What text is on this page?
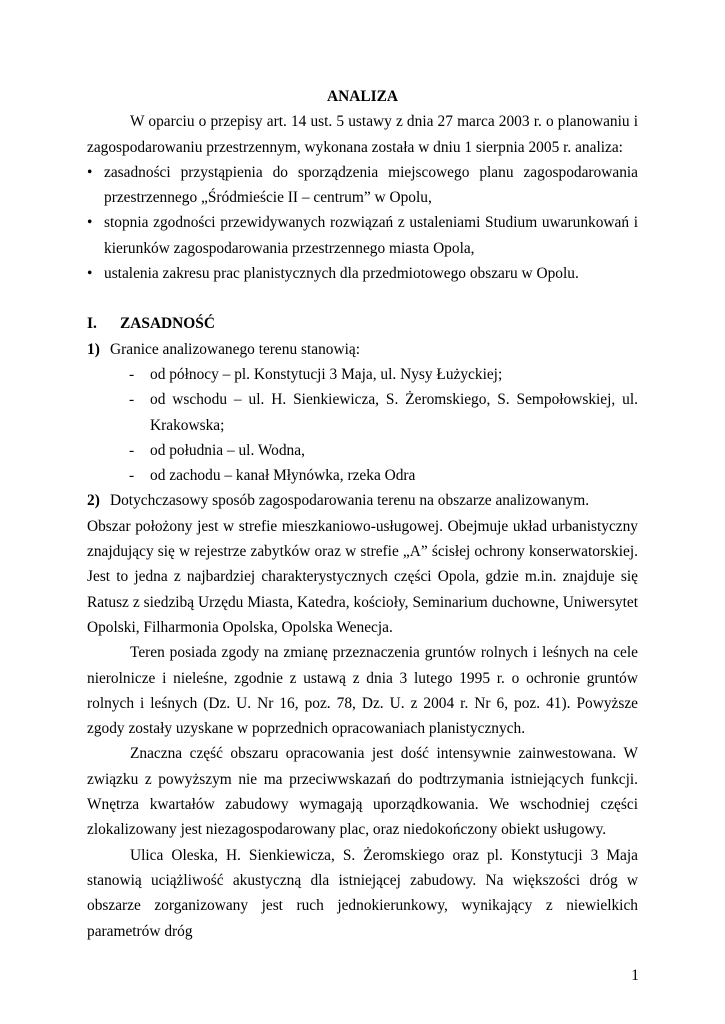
ANALIZA

W oparciu o przepisy art. 14 ust. 5 ustawy z dnia 27 marca 2003 r. o planowaniu i zagospodarowaniu przestrzennym, wykonana została w dniu 1 sierpnia 2005 r. analiza:

• zasadności przystąpienia do sporządzenia miejscowego planu zagospodarowania przestrzennego „Śródmieście II – centrum” w Opolu,
• stopnia zgodności przewidywanych rozwiązań z ustaleniami Studium uwarunkowań i kierunków zagospodarowania przestrzennego miasta Opola,
• ustalenia zakresu prac planistycznych dla przedmiotowego obszaru w Opolu.
I.	ZASADNOŚĆ
1) Granice analizowanego terenu stanowią:
- od północy – pl. Konstytucji 3 Maja, ul. Nysy Łużyckiej;
- od wschodu – ul. H. Sienkiewicza, S. Żeromskiego, S. Sempołowskiej, ul. Krakowska;
- od południa – ul. Wodna,
- od zachodu – kanał Młynówka, rzeka Odra
2) Dotychczasowy sposób zagospodarowania terenu na obszarze analizowanym.

Obszar położony jest w strefie mieszkaniowo-usługowej. Obejmuje układ urbanistyczny znajdujący się w rejestrze zabytków oraz w strefie „A” ścisłej ochrony konserwatorskiej. Jest to jedna z najbardziej charakterystycznych części Opola, gdzie m.in. znajduje się Ratusz z siedzibą Urzędu Miasta, Katedra, kościoły, Seminarium duchowne, Uniwersytet Opolski, Filharmonia Opolska, Opolska Wenecja.

Teren posiada zgody na zmianę przeznaczenia gruntów rolnych i leśnych na cele nierolnicze i nieleśne, zgodnie z ustawą z dnia 3 lutego 1995 r. o ochronie gruntów rolnych i leśnych (Dz. U. Nr 16, poz. 78, Dz. U. z 2004 r. Nr 6, poz. 41). Powyższe zgody zostały uzyskane w poprzednich opracowaniach planistycznych.

Znaczna część obszaru opracowania jest dość intensywnie zainwestowana. W związku z powyższym nie ma przeciwwskazań do podtrzymania istniejących funkcji. Wnętrza kwartałów zabudowy wymagają uporządkowania. We wschodniej części zlokalizowany jest niezagospodarowany plac, oraz niedokończony obiekt usługowy.

Ulica Oleska, H. Sienkiewicza, S. Żeromskiego oraz pl. Konstytucji 3 Maja stanowią uciążliwość akustyczną dla istniejącej zabudowy. Na większości dróg w obszarze zorganizowany jest ruch jednokierunkowy, wynikający z niewielkich parametrów dróg

1
